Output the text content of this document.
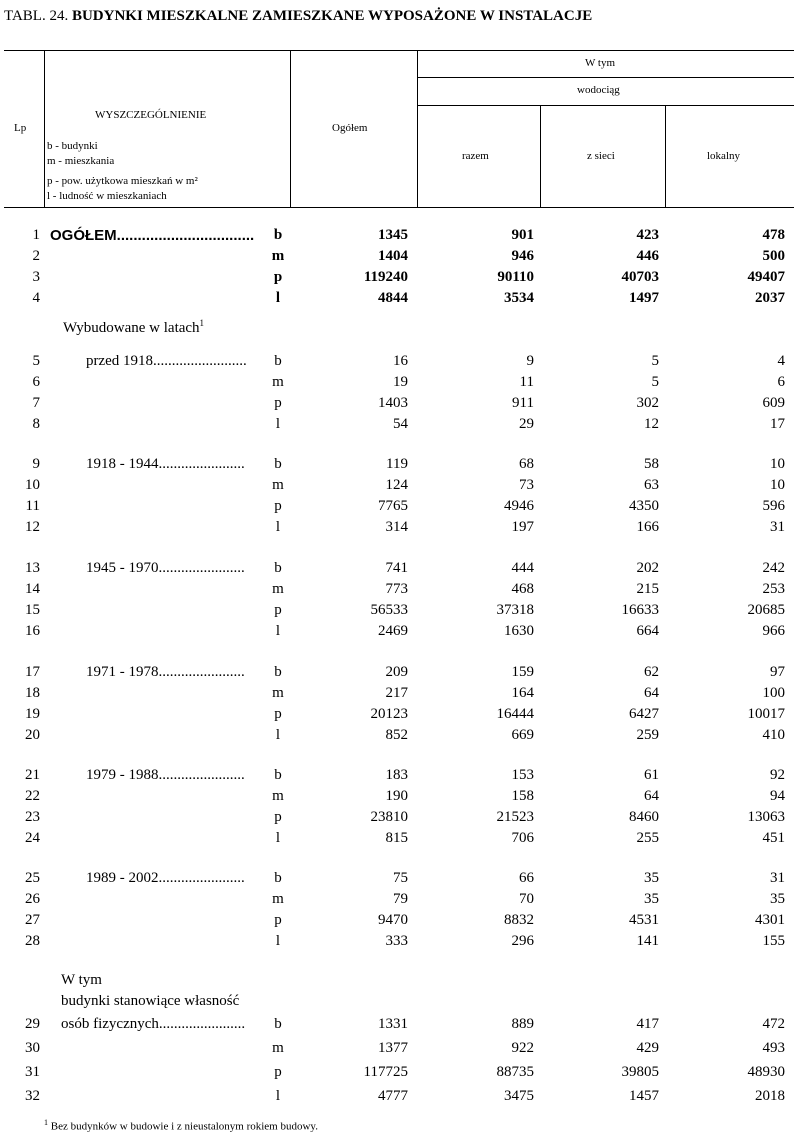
TABL. 24. BUDYNKI MIESZKALNE ZAMIESZKANE WYPOSAŻONE W INSTALACJE
Lp
WYSZCZEGÓLNIENIE
b - budynki
m - mieszkania
p - pow. użytkowa mieszkań w m²
l - ludność w mieszkaniach
Ogółem
W tym
wodociąg
razem	z sieci	lokalny
Wybudowane w latach$^1$
W tym
budynki stanowiące własność
1 OGÓŁEM................................. b	1345	901	423	478
2	m	1404	946	446	500
3	p	119240	90110	40703	49407
4	l	4844	3534	1497	2037
5	przed 1918......................... b	16	9	5	4
6	m	19	11	5	6
7	p	1403	911	302	609
8	l	54	29	12	17
9	1918 - 1944....................... b	119	68	58	10
10	m	124	73	63	10
11	p	7765	4946	4350	596
12	l	314	197	166	31
13	1945 - 1970....................... b	741	444	202	242
14	m	773	468	215	253
15	p	56533	37318	16633	20685
16	l	2469	1630	664	966
17	1971 - 1978....................... b	209	159	62	97
18	m	217	164	64	100
19	p	20123	16444	6427	10017
20	l	852	669	259	410
21	1979 - 1988....................... b	183	153	61	92
22	m	190	158	64	94
23	p	23810	21523	8460	13063
24	l	815	706	255	451
25	1989 - 2002....................... b	75	66	35	31
26	m	79	70	35	35
27	p	9470	8832	4531	4301
28	l	333	296	141	155
29 osób fizycznych....................... b	1331	889	417	472
30	m	1377	922	429	493
31	p	117725	88735	39805	48930
32	l	4777	3475	1457	2018
$^1$ Bez budynków w budowie i z nieustalonym rokiem budowy.
